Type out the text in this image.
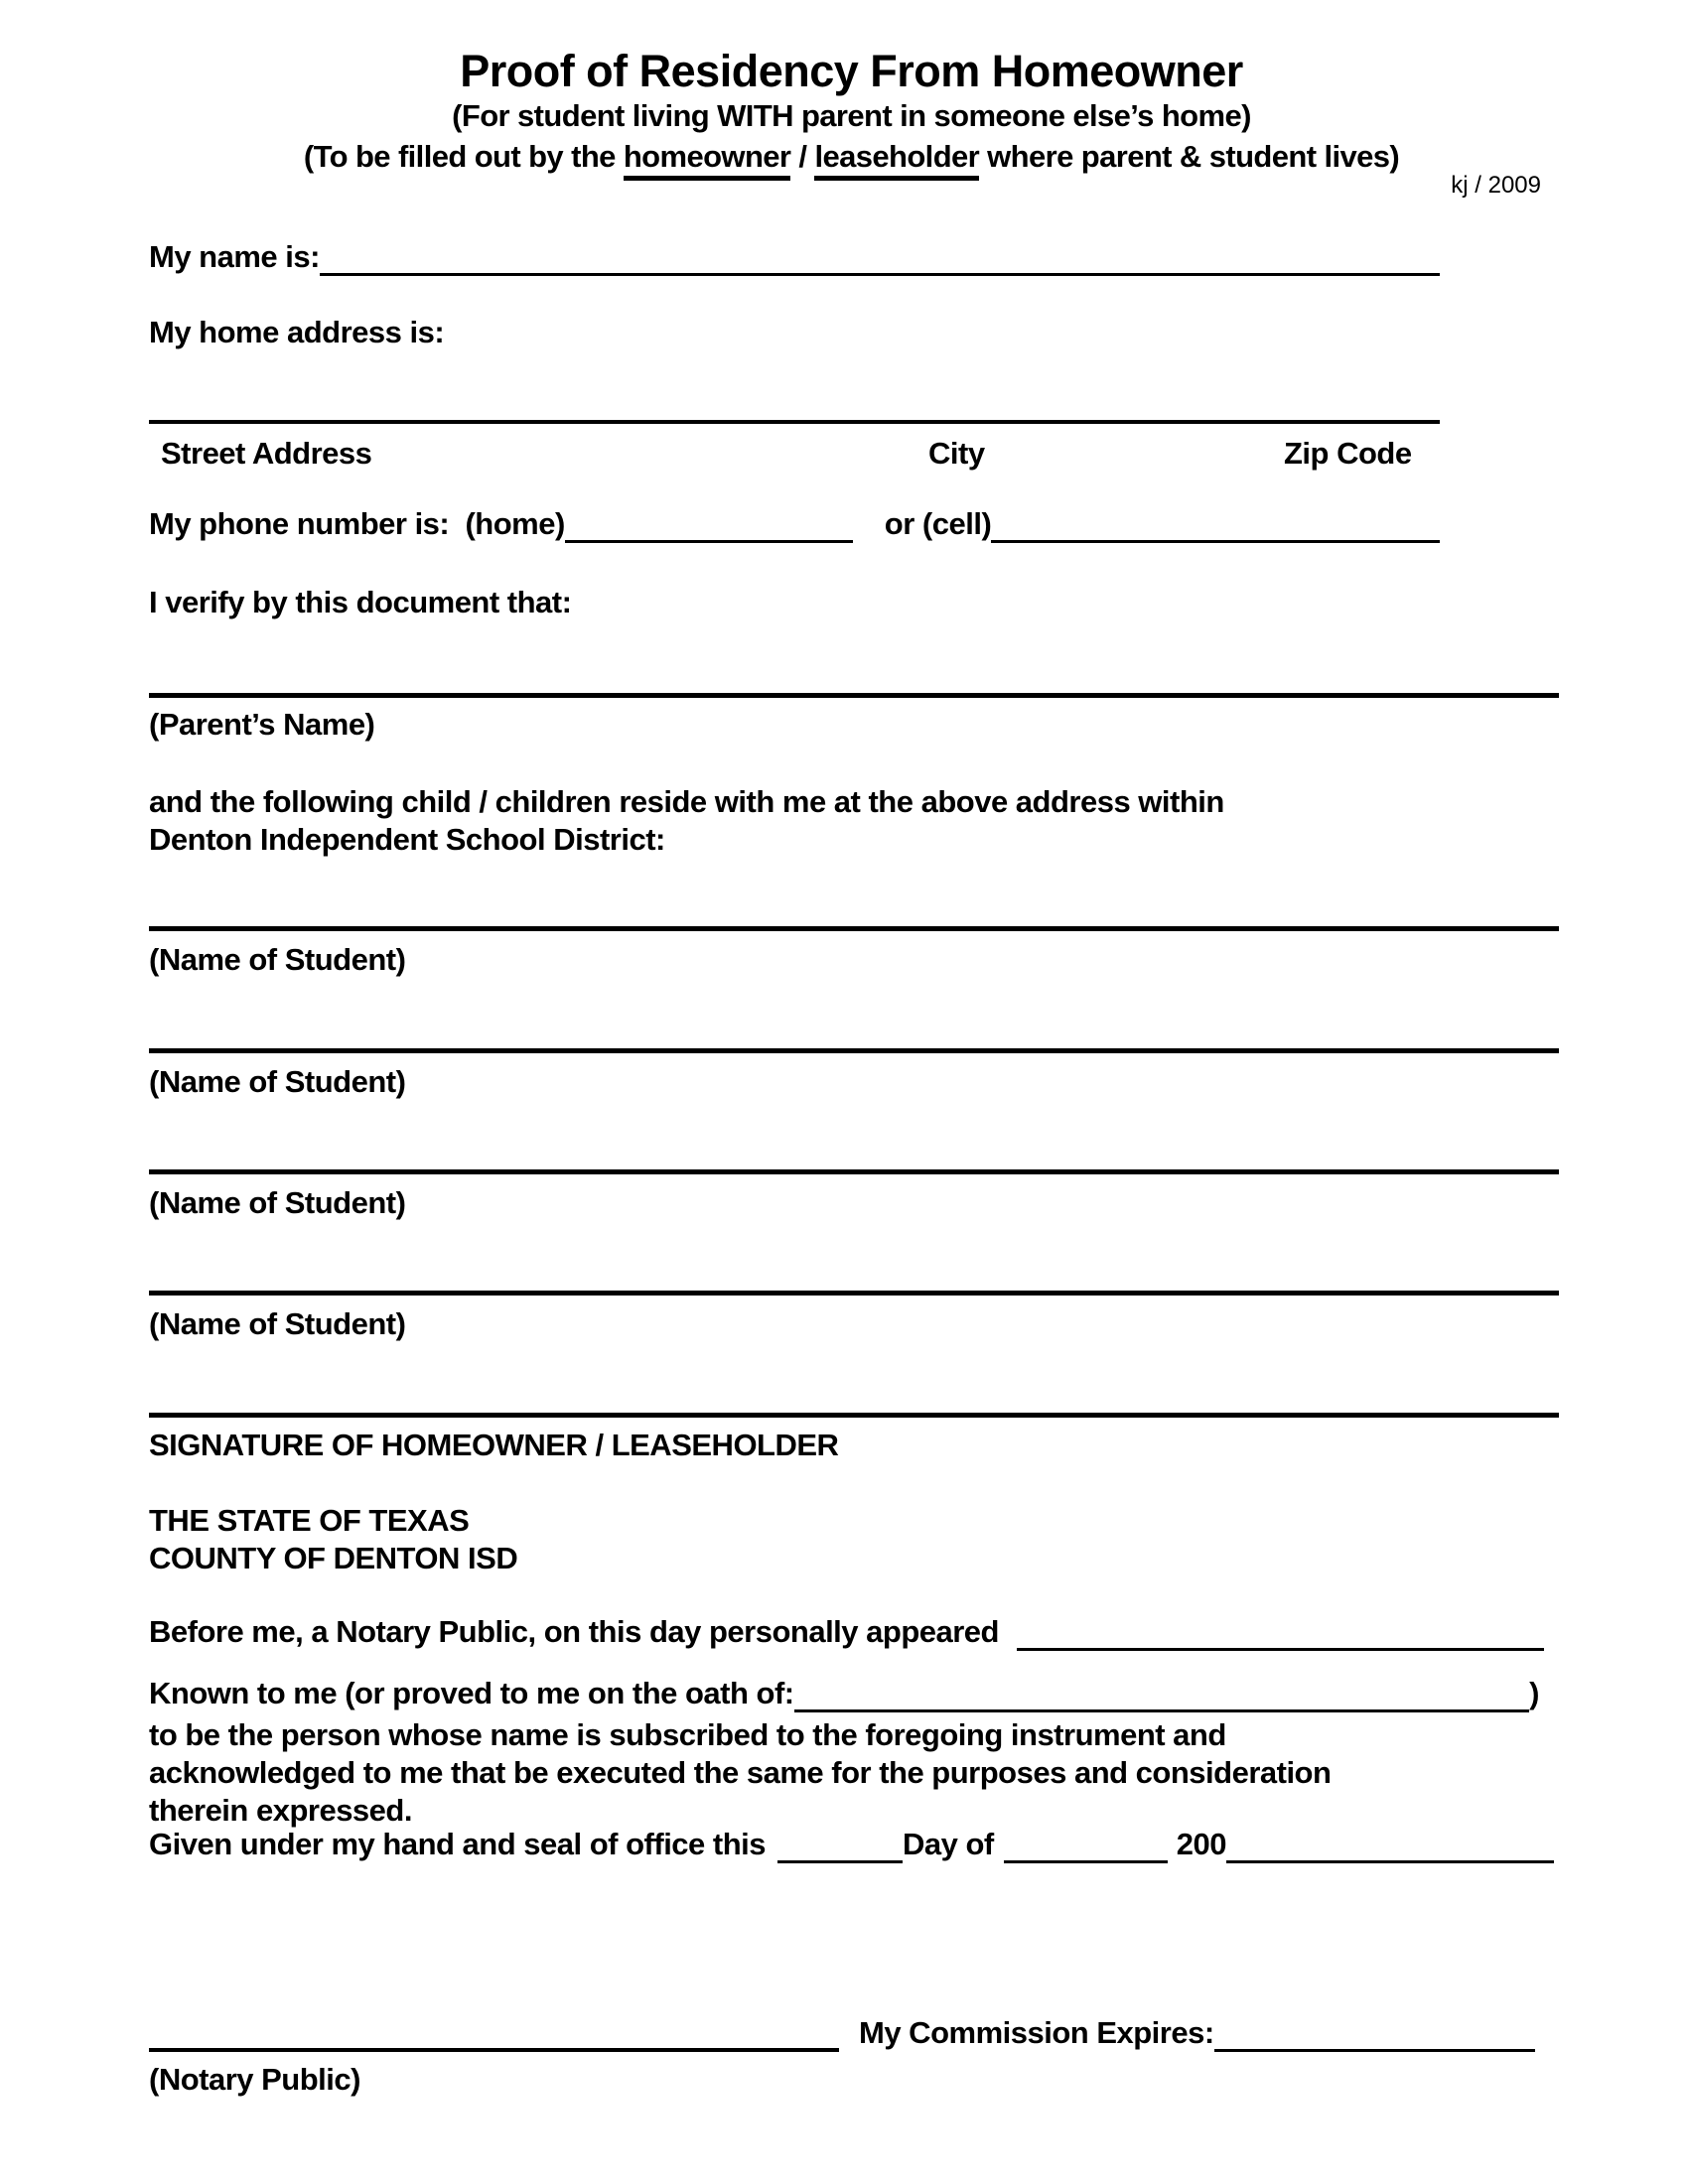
Proof of Residency From Homeowner
(For student living WITH parent in someone else’s home)
(To be filled out by the homeowner / leaseholder where parent & student lives)
kj / 2009
My name is:
My home address is:
Street Address	City	Zip Code
My phone number is:  (home)	or (cell)
I verify by this document that:
(Parent’s Name)
and the following child / children reside with me at the above address within
Denton Independent School District:
(Name of Student)
(Name of Student)
(Name of Student)
(Name of Student)
SIGNATURE OF HOMEOWNER / LEASEHOLDER
THE STATE OF TEXAS
COUNTY OF DENTON ISD
Before me, a Notary Public, on this day personally appeared
Known to me (or proved to me on the oath of:	)
to be the person whose name is subscribed to the foregoing instrument and
acknowledged to me that be executed the same for the purposes and consideration
therein expressed.
Given under my hand and seal of office this	Day of	200
My Commission Expires:
(Notary Public)
